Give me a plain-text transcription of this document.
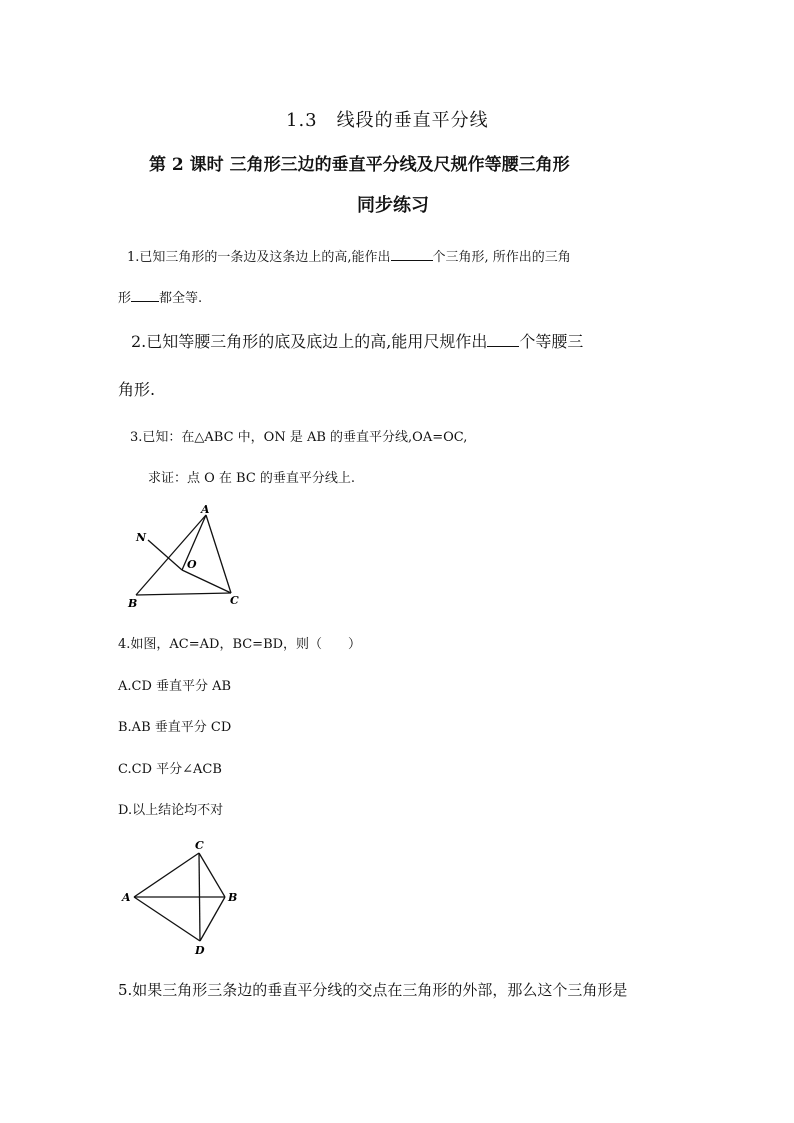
1.3　线段的垂直平分线
第 2 课时 三角形三边的垂直平分线及尺规作等腰三角形
同步练习
1.已知三角形的一条边及这条边上的高,能作出	个三角形, 所作出的三角
形 都全等.
2.已知等腰三角形的底及底边上的高,能用尺规作出 个等腰三
角形.
3.已知：在△ABC 中，ON 是 AB 的垂直平分线,OA=OC,
求证：点 O 在 BC 的垂直平分线上.
A
B	C
N
O
4.如图，AC=AD，BC=BD，则（　　）
A.CD 垂直平分 AB
B.AB 垂直平分 CD
C.CD 平分∠ACB
D.以上结论均不对
C
A	B
D
5.如果三角形三条边的垂直平分线的交点在三角形的外部，那么这个三角形是
